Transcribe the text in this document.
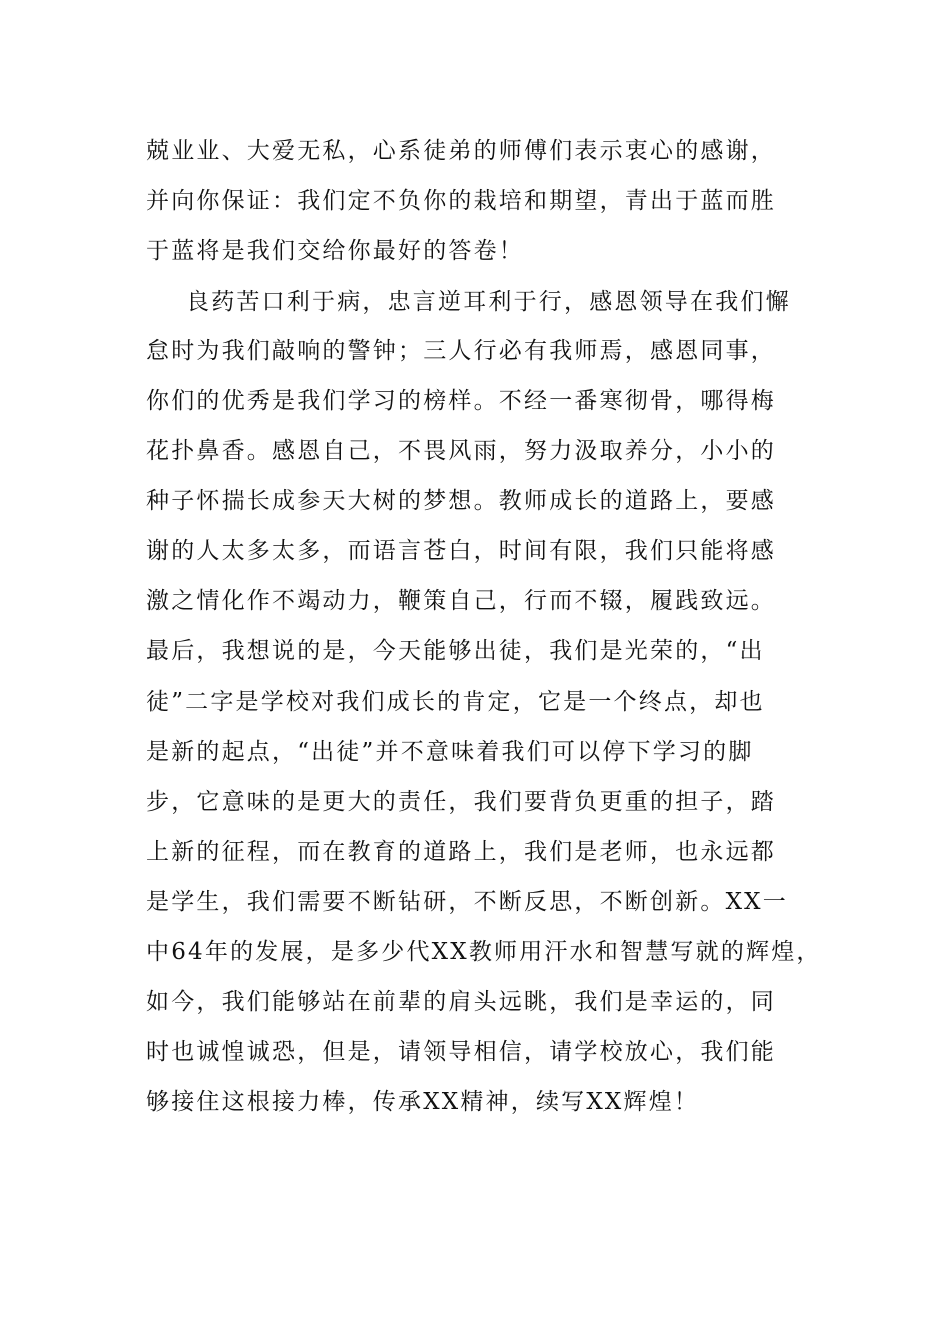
兢业业、大爱无私，心系徒弟的师傅们表示衷心的感谢，
并向你保证：我们定不负你的栽培和期望，青出于蓝而胜
于蓝将是我们交给你最好的答卷！
良药苦口利于病，忠言逆耳利于行，感恩领导在我们懈
怠时为我们敲响的警钟；三人行必有我师焉，感恩同事，
你们的优秀是我们学习的榜样。不经一番寒彻骨，哪得梅
花扑鼻香。感恩自己，不畏风雨，努力汲取养分，小小的
种子怀揣长成参天大树的梦想。教师成长的道路上，要感
谢的人太多太多，而语言苍白，时间有限，我们只能将感
激之情化作不竭动力，鞭策自己，行而不辍，履践致远。
最后，我想说的是，今天能够出徒，我们是光荣的，“出
徒”二字是学校对我们成长的肯定，它是一个终点，却也
是新的起点，“出徒”并不意味着我们可以停下学习的脚
步，它意味的是更大的责任，我们要背负更重的担子，踏
上新的征程，而在教育的道路上，我们是老师，也永远都
是学生，我们需要不断钻研，不断反思，不断创新。XX一
中64年的发展，是多少代XX教师用汗水和智慧写就的辉煌，
如今，我们能够站在前辈的肩头远眺，我们是幸运的，同
时也诚惶诚恐，但是，请领导相信，请学校放心，我们能
够接住这根接力棒，传承XX精神，续写XX辉煌！
